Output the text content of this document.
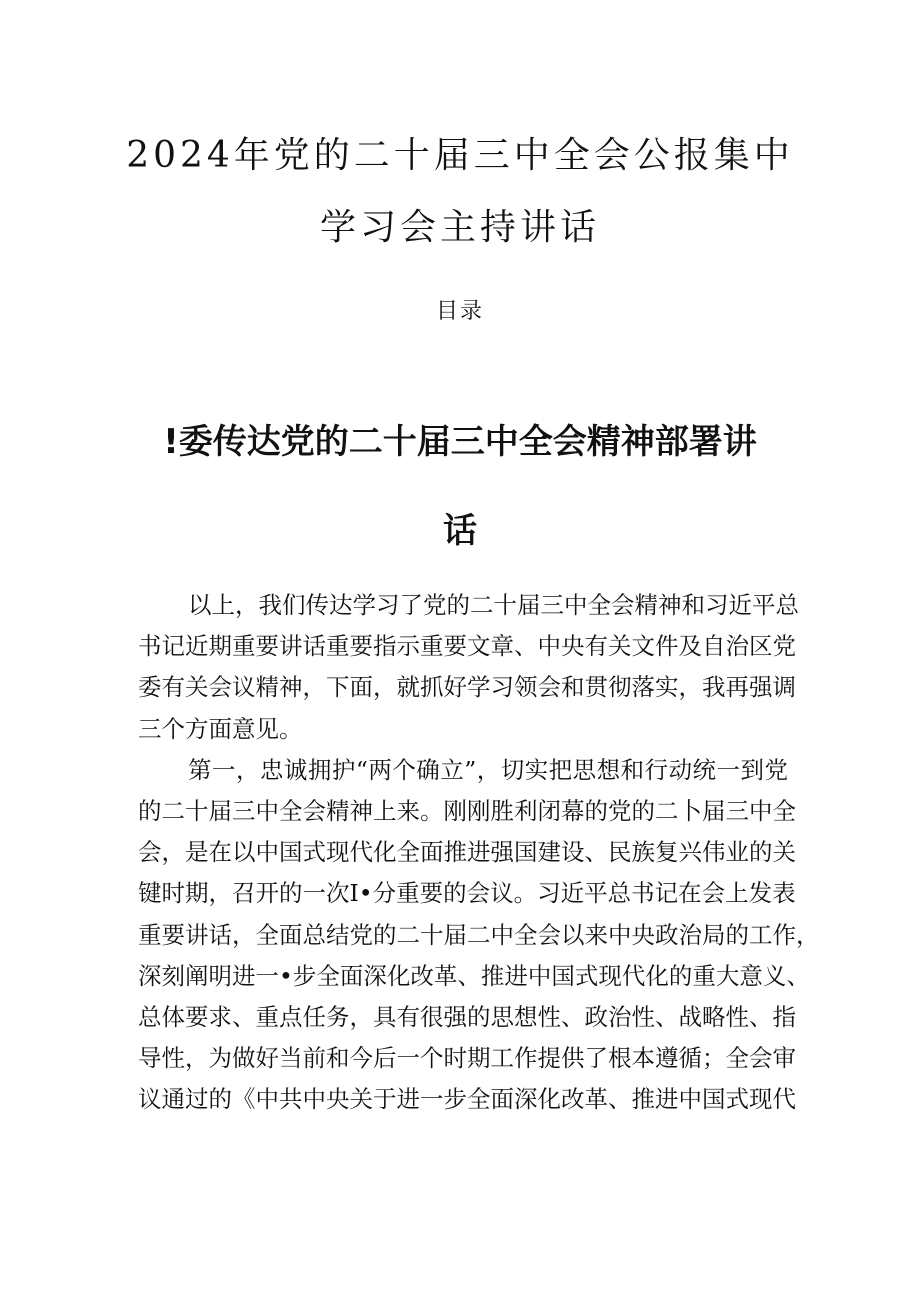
2024年党的二十届三中全会公报集中
学习会主持讲话
目录
!委传达党的二十届三中全会精神部署讲
话
以上，我们传达学习了党的二十届三中全会精神和习近平总
书记近期重要讲话重要指示重要文章、中央有关文件及自治区党
委有关会议精神，下面，就抓好学习领会和贯彻落实，我再强调
三个方面意见。
第一，忠诚拥护“两个确立”，切实把思想和行动统一到党
的二十届三中全会精神上来。刚刚胜利闭幕的党的二卜届三中全
会，是在以中国式现代化全面推进强国建设、民族复兴伟业的关
键时期，召开的一次I•分重要的会议。习近平总书记在会上发表
重要讲话，全面总结党的二十届二中全会以来中央政治局的工作，
深刻阐明进一•步全面深化改革、推进中国式现代化的重大意义、
总体要求、重点任务，具有很强的思想性、政治性、战略性、指
导性，为做好当前和今后一个时期工作提供了根本遵循；全会审
议通过的《中共中央关于进一步全面深化改革、推进中国式现代
